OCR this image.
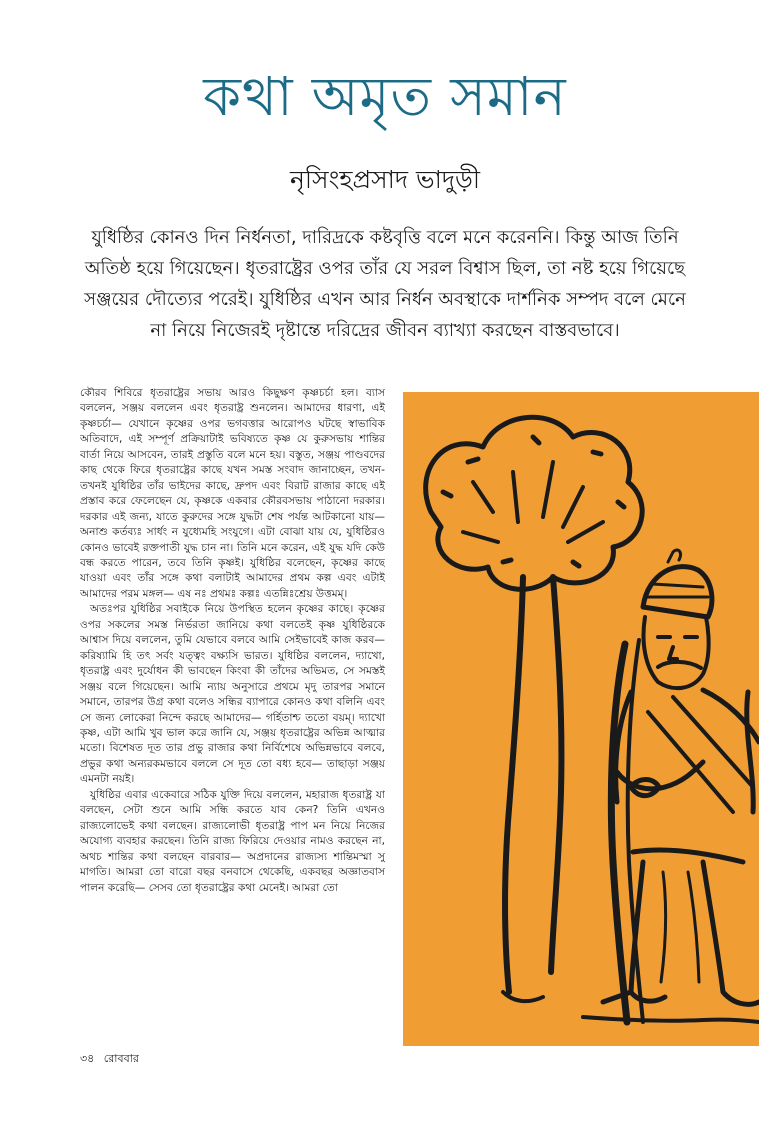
কথা অমৃত সমান
নৃসিংহপ্রসাদ ভাদুড়ী
যুধিষ্ঠির কোনও দিন নির্ধনতা, দারিদ্রকে কষ্টবৃত্তি বলে মনে করেননি। কিন্তু আজ তিনি অতিষ্ঠ হয়ে গিয়েছেন। ধৃতরাষ্ট্রের ওপর তাঁর যে সরল বিশ্বাস ছিল, তা নষ্ট হয়ে গিয়েছে সঞ্জয়ের দৌত্যের পরেই। যুধিষ্ঠির এখন আর নির্ধন অবস্থাকে দার্শনিক সম্পদ বলে মেনে না নিয়ে নিজেরই দৃষ্টান্তে দরিদ্রের জীবন ব্যাখ্যা করছেন বাস্তবভাবে।

কৌরব শিবিরে ধৃতরাষ্ট্রের সভায় আরও কিছুক্ষণ কৃষ্ণচর্চা হল। ব্যাস বললেন, সঞ্জয় বললেন এবং ধৃতরাষ্ট্র শুনলেন। আমাদের ধারণা, এই কৃষ্ণচর্চা— যেখানে কৃষ্ণের ওপর ভগবত্তার আরোপও ঘটছে স্বাভাবিক অতিবাদে, এই সম্পূর্ণ প্রক্রিয়াটাই ভবিষ্যতে কৃষ্ণ যে কুরুসভায় শান্তির বার্তা নিয়ে আসবেন, তারই প্রস্তুতি বলে মনে হয়। বস্তুত, সঞ্জয় পাণ্ডবদের কাছ থেকে ফিরে ধৃতরাষ্ট্রের কাছে যখন সমস্ত সংবাদ জানাচ্ছেন, তখন-তখনই যুধিষ্ঠির তাঁর ভাইদের কাছে, দ্রুপদ এবং বিরাট রাজার কাছে এই প্রস্তাব করে ফেলেছেন যে, কৃষ্ণকে একবার কৌরবসভায় পাঠানো দরকার। দরকার এই জন্য, যাতে কুরুদের সঙ্গে যুদ্ধটা শেষ পর্যন্ত আটকানো যায়— অনাশু কর্তব্যঃ সার্ধং ন যুধ্যেমহি সংযুগে। এটা বোঝা যায় যে, যুধিষ্ঠিরও কোনও ভাবেই রক্তপাতী যুদ্ধ চান না। তিনি মনে করেন, এই যুদ্ধ যদি কেউ বন্ধ করতে পারেন, তবে তিনি কৃষ্ণই। যুধিষ্ঠির বলেছেন, কৃষ্ণের কাছে যাওয়া এবং তাঁর সঙ্গে কথা বলাটাই আমাদের প্রথম কল্প এবং এটাই আমাদের পরম মঙ্গল— এষ নঃ প্রথমঃ কল্পঃ এতন্নিঃশ্রেয় উত্তমম্।

অতঃপর যুধিষ্ঠির সবাইকে নিয়ে উপস্থিত হলেন কৃষ্ণের কাছে। কৃষ্ণের ওপর সকলের সমস্ত নির্ভরতা জানিয়ে কথা বলতেই কৃষ্ণ যুধিষ্ঠিরকে আশ্বাস দিয়ে বললেন, তুমি যেভাবে বলবে আমি সেইভাবেই কাজ করব— করিষ্যামি হি তৎ সর্বং যত্ত্বং বক্ষ্যসি ভারত। যুধিষ্ঠির বললেন, দ্যাখো, ধৃতরাষ্ট্র এবং দুর্যোধন কী ভাবছেন কিংবা কী তাঁদের অভিমত, সে সমস্তই সঞ্জয় বলে গিয়েছেন। আমি ন্যায় অনুসারে প্রথমে মৃদু তারপর সমানে সমানে, তারপর উগ্র কথা বলেও সন্ধির ব্যাপারে কোনও কথা বলিনি এবং সে জন্য লোকেরা নিন্দে করছে আমাদের— গর্হিতাশ্চ ততো বয়ম্। দ্যাখো কৃষ্ণ, এটা আমি খুব ভাল করে জানি যে, সঞ্জয় ধৃতরাষ্ট্রের অভিন্ন আত্মার মতো। বিশেষত দূত তার প্রভু রাজার কথা নির্বিশেষে অভিন্নভাবে বলবে, প্রভুর কথা অন্যরকমভাবে বললে সে দূত তো বধ্য হবে— তাছাড়া সঞ্জয় এমনটা নয়ই।

যুধিষ্ঠির এবার একেবারে সঠিক যুক্তি দিয়ে বললেন, মহারাজ ধৃতরাষ্ট্র যা বলছেন, সেটা শুনে আমি সন্ধি করতে যাব কেন? তিনি এখনও রাজ্যলোভেই কথা বলছেন। রাজ্যলোভী ধৃতরাষ্ট্র পাপ মন নিয়ে নিজের অযোগ্য ব্যবহার করছেন। তিনি রাজ্য ফিরিয়ে দেওয়ার নামও করছেন না, অথচ শান্তির কথা বলছেন বারবার— অপ্রদানের রাজ্যস্য শান্তিমস্মা সু মাগতি। আমরা তো বারো বছর বনবাসে থেকেছি, একবছর অজ্ঞাতবাস পালন করেছি— সেসব তো ধৃতরাষ্ট্রের কথা মেনেই। আমরা তো

৩৪ রোববার
